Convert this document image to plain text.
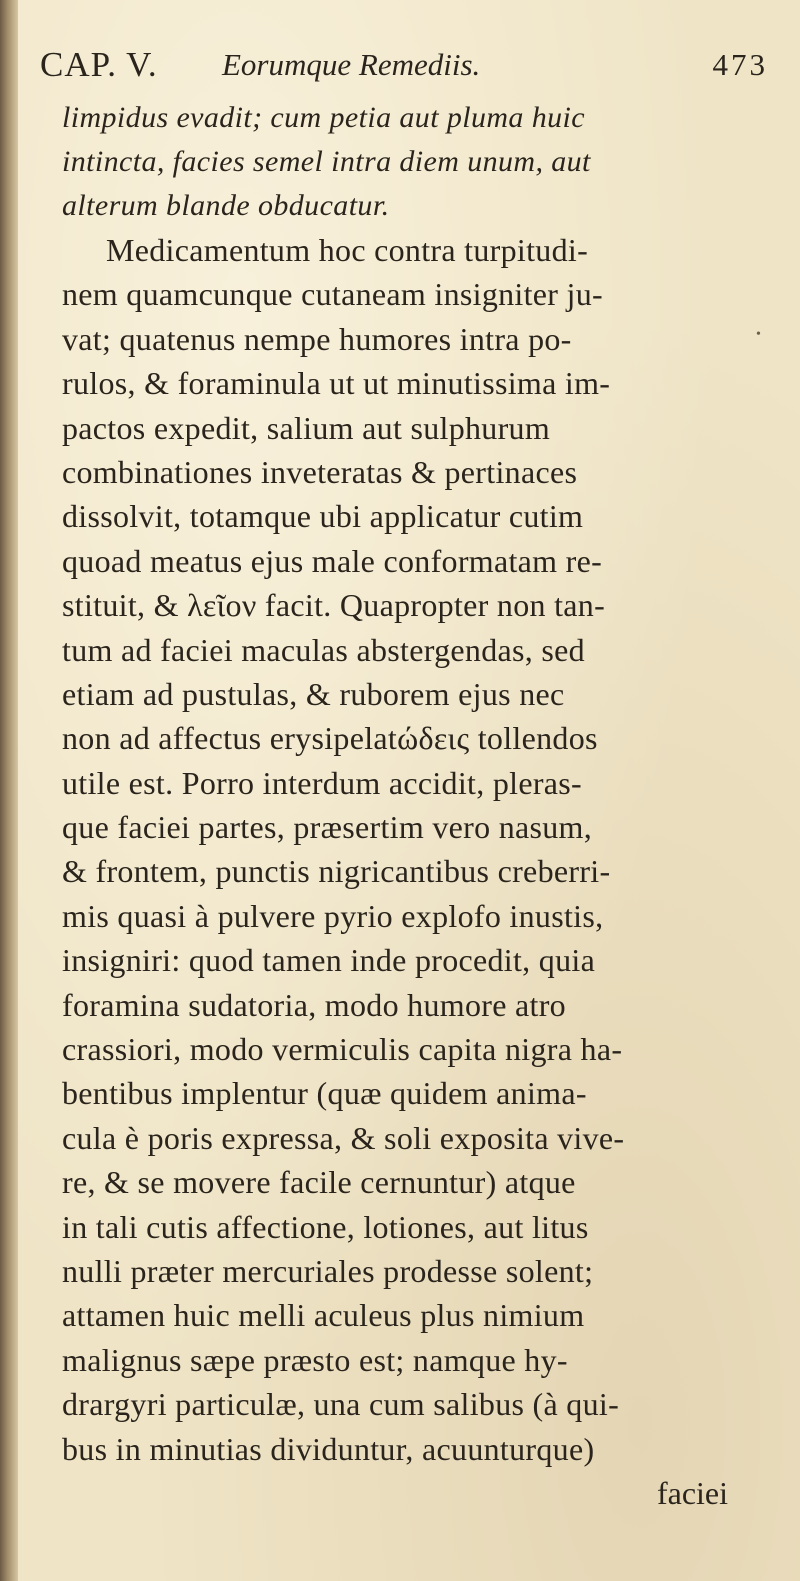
•
CAP. V. Eorumque Remediis.	473
limpidus evadit; cum petia aut pluma huic
intincta, facies semel intra diem unum, aut
alterum blande obducatur.
Medicamentum hoc contra turpitudi-
nem quamcunque cutaneam insigniter ju-
vat; quatenus nempe humores intra po-
rulos, & foraminula ut ut minutissima im-
pactos expedit, salium aut sulphurum
combinationes inveteratas & pertinaces
dissolvit, totamque ubi applicatur cutim
quoad meatus ejus male conformatam re-
stituit, & λεῖον facit. Quapropter non tan-
tum ad faciei maculas abstergendas, sed
etiam ad pustulas, & ruborem ejus nec
non ad affectus erysipelatώδεις tollendos
utile est. Porro interdum accidit, pleras-
que faciei partes, præsertim vero nasum,
& frontem, punctis nigricantibus creberri-
mis quasi à pulvere pyrio explofo inustis,
insigniri: quod tamen inde procedit, quia
foramina sudatoria, modo humore atro
crassiori, modo vermiculis capita nigra ha-
bentibus implentur (quæ quidem anima-
cula è poris expressa, & soli exposita vive-
re, & se movere facile cernuntur) atque
in tali cutis affectione, lotiones, aut litus
nulli præter mercuriales prodesse solent;
attamen huic melli aculeus plus nimium
malignus sæpe præsto est; namque hy-
drargyri particulæ, una cum salibus (à qui-
bus in minutias dividuntur, acuunturque)
faciei
